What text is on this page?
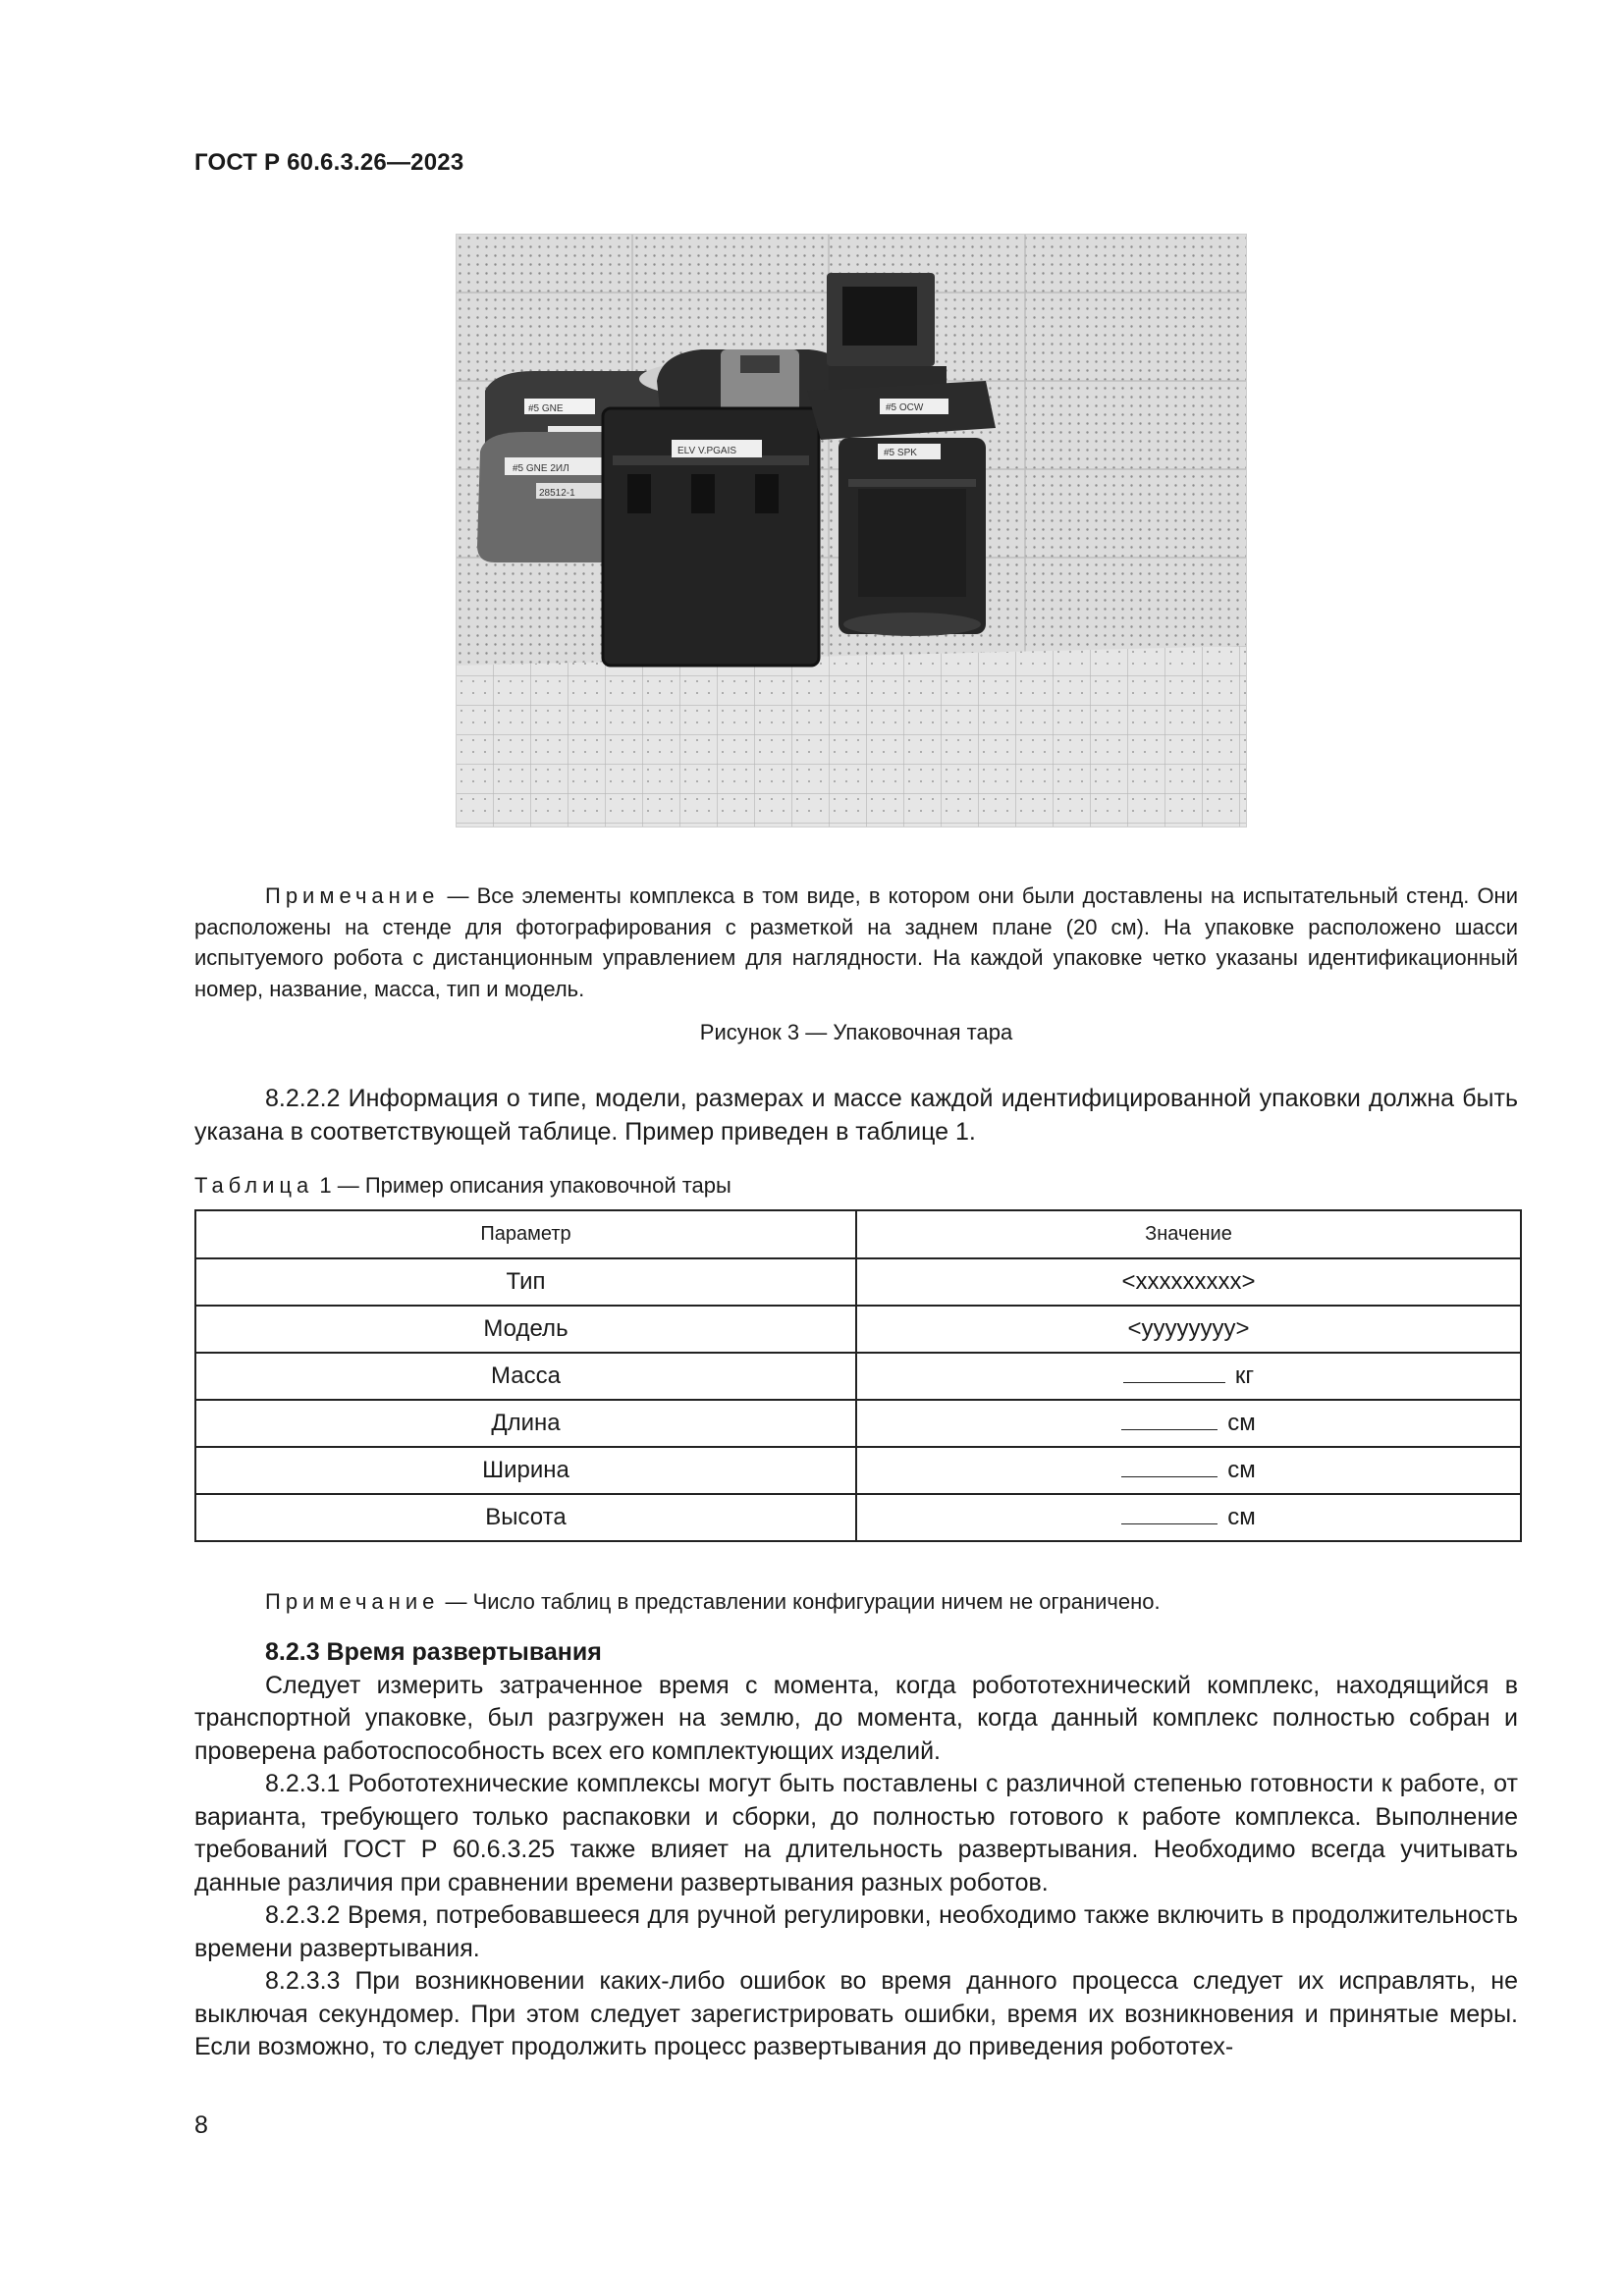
ГОСТ Р 60.6.3.26—2023
#5 GNE 2ИЛ
#5 GNE
28512-1
ELV V.PGAIS
#5 OCW
#5 SPK

Примечание — Все элементы комплекса в том виде, в котором они были доставлены на испытательный стенд. Они расположены на стенде для фотографирования с разметкой на заднем плане (20 см). На упаковке расположено шасси испытуемого робота с дистанционным управлением для наглядности. На каждой упаковке четко указаны идентификационный номер, название, масса, тип и модель.

Рисунок 3 — Упаковочная тара

8.2.2.2 Информация о типе, модели, размерах и массе каждой идентифицированной упаковки должна быть указана в соответствующей таблице. Пример приведен в таблице 1.

Таблица 1 — Пример описания упаковочной тары
Параметр	Значение
Тип	<xxxxxxxxx>
Модель	<yyyyyyyy>
Масса	кг
Длина	см
Ширина	см
Высота	см

Примечание — Число таблиц в представлении конфигурации ничем не ограничено.

8.2.3 Время развертывания

Следует измерить затраченное время с момента, когда робототехнический комплекс, находящийся в транспортной упаковке, был разгружен на землю, до момента, когда данный комплекс полностью собран и проверена работоспособность всех его комплектующих изделий.

8.2.3.1 Робототехнические комплексы могут быть поставлены с различной степенью готовности к работе, от варианта, требующего только распаковки и сборки, до полностью готового к работе комплекса. Выполнение требований ГОСТ Р 60.6.3.25 также влияет на длительность развертывания. Необходимо всегда учитывать данные различия при сравнении времени развертывания разных роботов.

8.2.3.2 Время, потребовавшееся для ручной регулировки, необходимо также включить в продолжительность времени развертывания.

8.2.3.3 При возникновении каких-либо ошибок во время данного процесса следует их исправлять, не выключая секундомер. При этом следует зарегистрировать ошибки, время их возникновения и принятые меры. Если возможно, то следует продолжить процесс развертывания до приведения робототех-

8
